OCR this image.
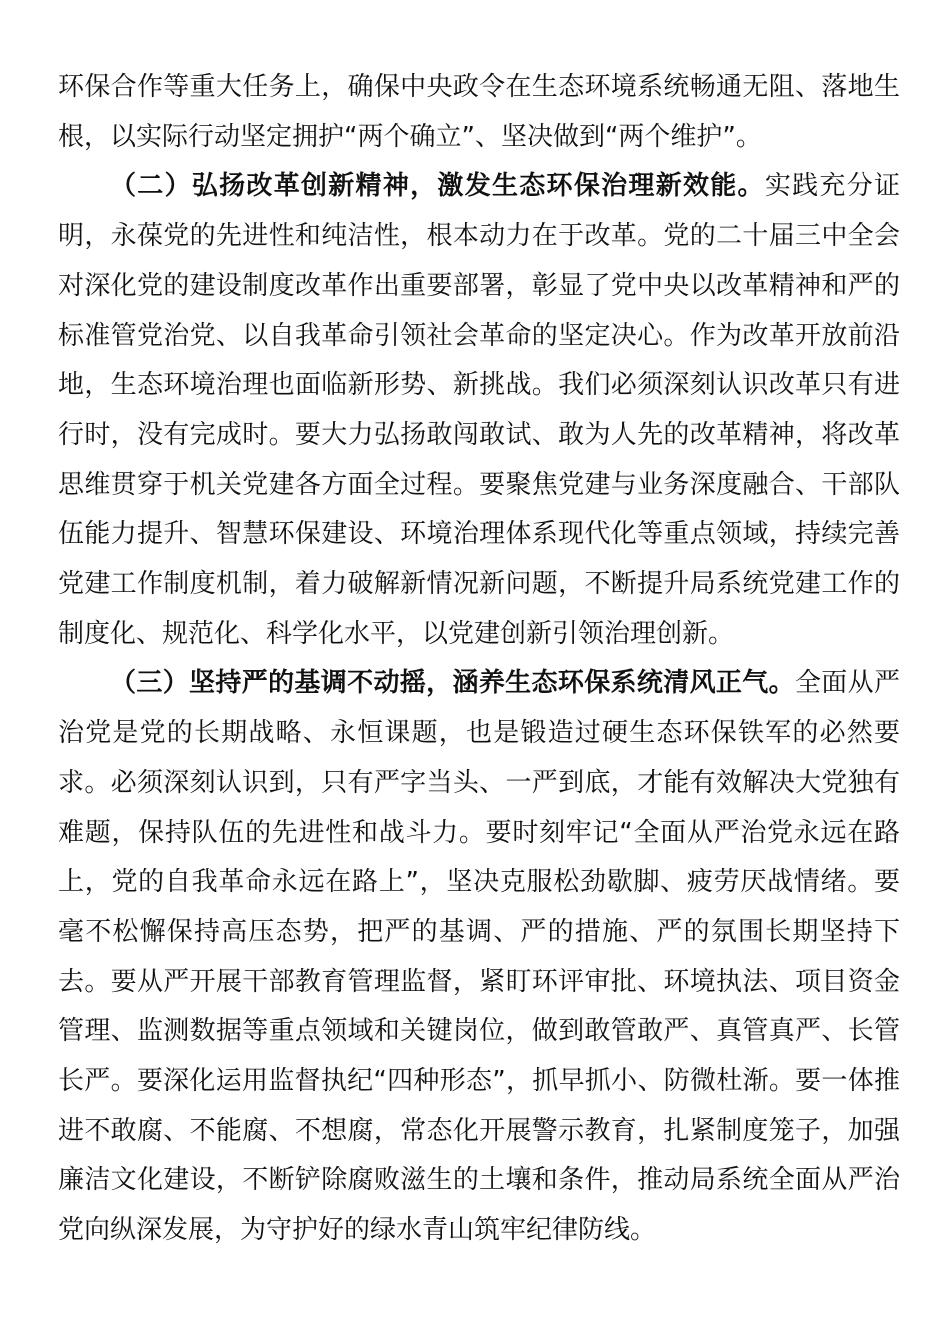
环保合作等重大任务上，确保中央政令在生态环境系统畅通无阻、落地生根，以实际行动坚定拥护“两个确立”、坚决做到“两个维护”。

（二）弘扬改革创新精神，激发生态环保治理新效能。实践充分证明，永葆党的先进性和纯洁性，根本动力在于改革。党的二十届三中全会对深化党的建设制度改革作出重要部署，彰显了党中央以改革精神和严的标准管党治党、以自我革命引领社会革命的坚定决心。作为改革开放前沿地，生态环境治理也面临新形势、新挑战。我们必须深刻认识改革只有进行时，没有完成时。要大力弘扬敢闯敢试、敢为人先的改革精神，将改革思维贯穿于机关党建各方面全过程。要聚焦党建与业务深度融合、干部队伍能力提升、智慧环保建设、环境治理体系现代化等重点领域，持续完善党建工作制度机制，着力破解新情况新问题，不断提升局系统党建工作的制度化、规范化、科学化水平，以党建创新引领治理创新。

（三）坚持严的基调不动摇，涵养生态环保系统清风正气。全面从严治党是党的长期战略、永恒课题，也是锻造过硬生态环保铁军的必然要求。必须深刻认识到，只有严字当头、一严到底，才能有效解决大党独有难题，保持队伍的先进性和战斗力。要时刻牢记“全面从严治党永远在路上，党的自我革命永远在路上”，坚决克服松劲歇脚、疲劳厌战情绪。要毫不松懈保持高压态势，把严的基调、严的措施、严的氛围长期坚持下去。要从严开展干部教育管理监督，紧盯环评审批、环境执法、项目资金管理、监测数据等重点领域和关键岗位，做到敢管敢严、真管真严、长管长严。要深化运用监督执纪“四种形态”，抓早抓小、防微杜渐。要一体推进不敢腐、不能腐、不想腐，常态化开展警示教育，扎紧制度笼子，加强廉洁文化建设，不断铲除腐败滋生的土壤和条件，推动局系统全面从严治党向纵深发展，为守护好的绿水青山筑牢纪律防线。
